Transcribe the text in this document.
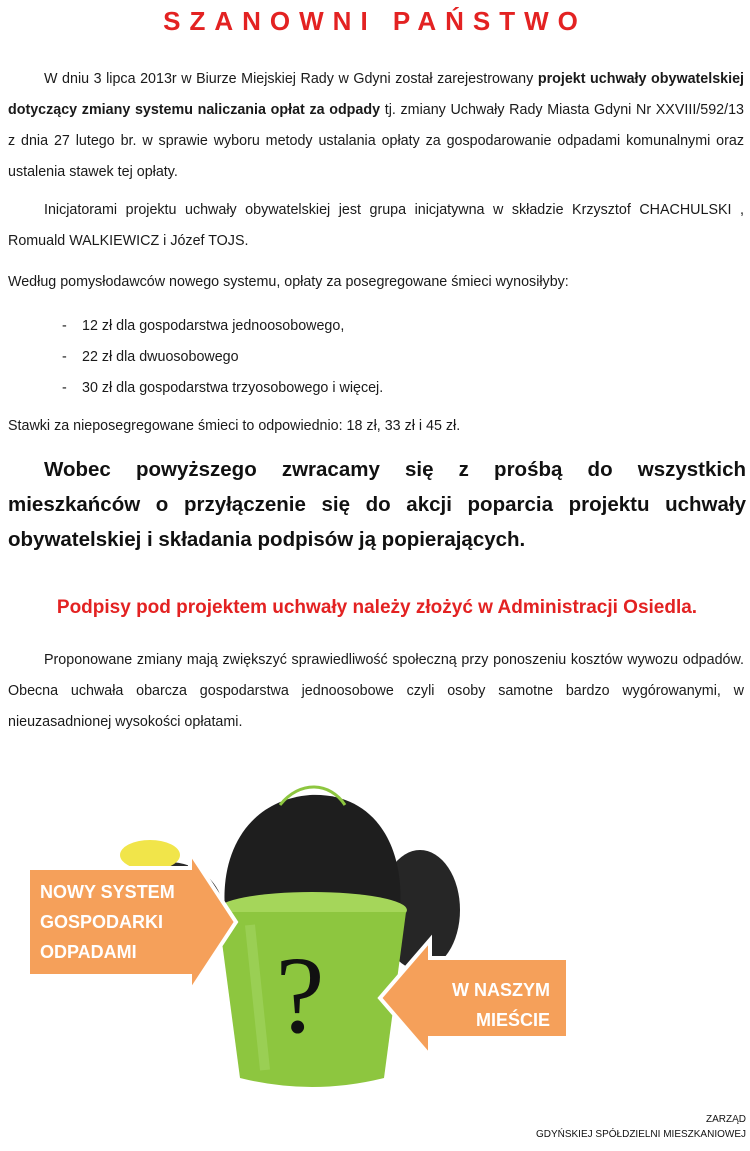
SZANOWNI PAŃSTWO

W dniu 3 lipca 2013r w Biurze Miejskiej Rady w Gdyni został zarejestrowany projekt uchwały obywatelskiej dotyczący zmiany systemu naliczania opłat za odpady tj. zmiany Uchwały Rady Miasta Gdyni Nr XXVIII/592/13 z dnia 27 lutego br. w sprawie wyboru metody ustalania opłaty za gospodarowanie odpadami komunalnymi oraz ustalenia stawek tej opłaty.

Inicjatorami projektu uchwały obywatelskiej jest grupa inicjatywna w składzie Krzysztof CHACHULSKI , Romuald WALKIEWICZ i Józef TOJS.

Według pomysłodawców nowego systemu, opłaty za posegregowane śmieci wynosiłyby:

- 12 zł dla gospodarstwa jednoosobowego,
- 22 zł dla dwuosobowego
- 30 zł dla gospodarstwa trzyosobowego i więcej.

Stawki za nieposegregowane śmieci to odpowiednio: 18 zł, 33 zł i 45 zł.

Wobec powyższego zwracamy się z prośbą do wszystkich mieszkańców o przyłączenie się do akcji poparcia projektu uchwały obywatelskiej i składania podpisów ją popierających.

Podpisy pod projektem uchwały należy złożyć w Administracji Osiedla.

Proponowane zmiany mają zwiększyć sprawiedliwość społeczną przy ponoszeniu kosztów wywozu odpadów. Obecna uchwała obarcza gospodarstwa jednoosobowe czyli osoby samotne bardzo wygórowanymi, w nieuzasadnionej wysokości opłatami.

?
NOWY SYSTEM
GOSPODARKI
ODPADAMI
W NASZYM
MIEŚCIE
ZARZĄD
GDYŃSKIEJ SPÓŁDZIELNI MIESZKANIOWEJ
